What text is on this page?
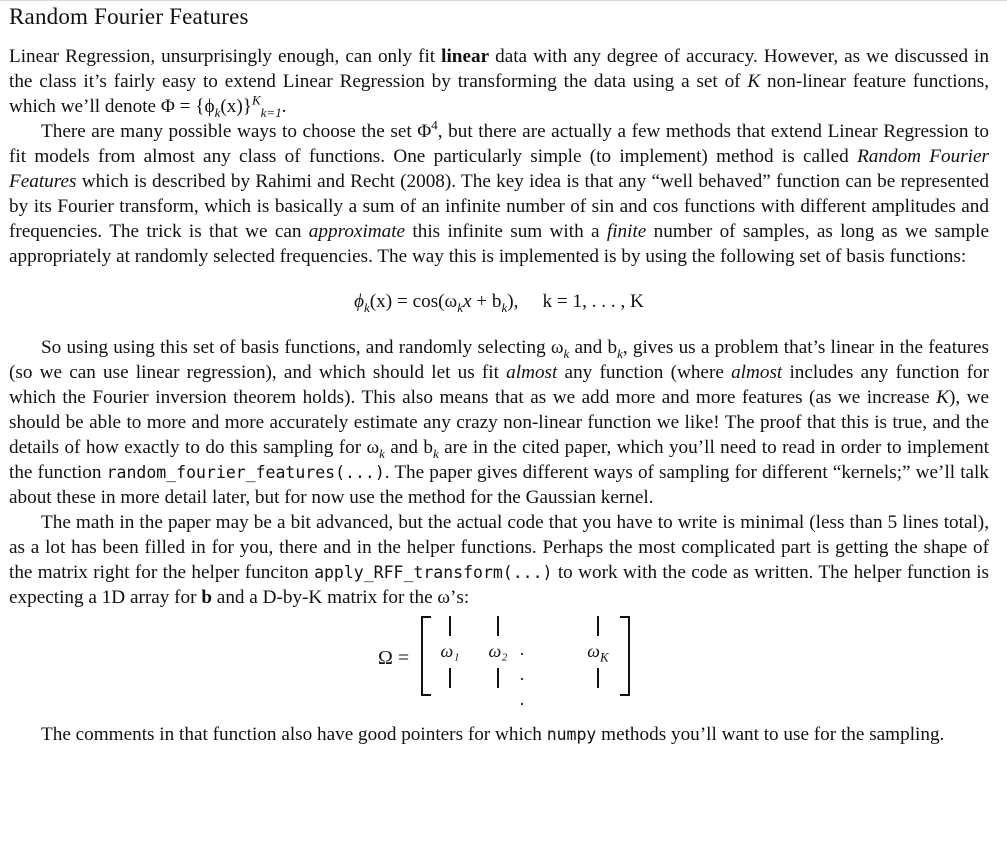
Random Fourier Features

Linear Regression, unsurprisingly enough, can only fit linear data with any degree of accuracy. However, as we discussed in the class it’s fairly easy to extend Linear Regression by transforming the data using a set of K non-linear feature functions, which we’ll denote $\Phi = \{\phi_k(x)\}^K_{k=1}$.

There are many possible ways to choose the set $\Phi^4$, but there are actually a few methods that extend Linear Regression to fit models from almost any class of functions. One particularly simple (to implement) method is called Random Fourier Features which is described by Rahimi and Recht (2008). The key idea is that any “well behaved” function can be represented by its Fourier transform, which is basically a sum of an infinite number of sin and cos functions with different amplitudes and frequencies. The trick is that we can approximate this infinite sum with a finite number of samples, as long as we sample appropriately at randomly selected frequencies. The way this is implemented is by using the following set of basis functions:

$\phi_k(x) = \cos(\omega_kx + b_k)$, k = 1, . . . , K

So using using this set of basis functions, and randomly selecting $\omega_k$ and $b_k$, gives us a problem that’s linear in the features (so we can use linear regression), and which should let us fit almost any function (where almost includes any function for which the Fourier inversion theorem holds). This also means that as we add more and more features (as we increase K), we should be able to more and more accurately estimate any crazy non-linear function we like! The proof that this is true, and the details of how exactly to do this sampling for $\omega_k$ and $b_k$ are in the cited paper, which you’ll need to read in order to implement the function random_fourier_features(...). The paper gives different ways of sampling for different “kernels;” we’ll talk about these in more detail later, but for now use the method for the Gaussian kernel.

The math in the paper may be a bit advanced, but the actual code that you have to write is minimal (less than 5 lines total), as a lot has been filled in for you, there and in the helper functions. Perhaps the most complicated part is getting the shape of the matrix right for the helper funciton apply_RFF_transform(...) to work with the code as written. The helper function is expecting a 1D array for b and a D-by-K matrix for the ω’s:

Ω = ω₁ ω₂ · · ·
$\omega_K$

The comments in that function also have good pointers for which numpy methods you’ll want to use for the sampling.
